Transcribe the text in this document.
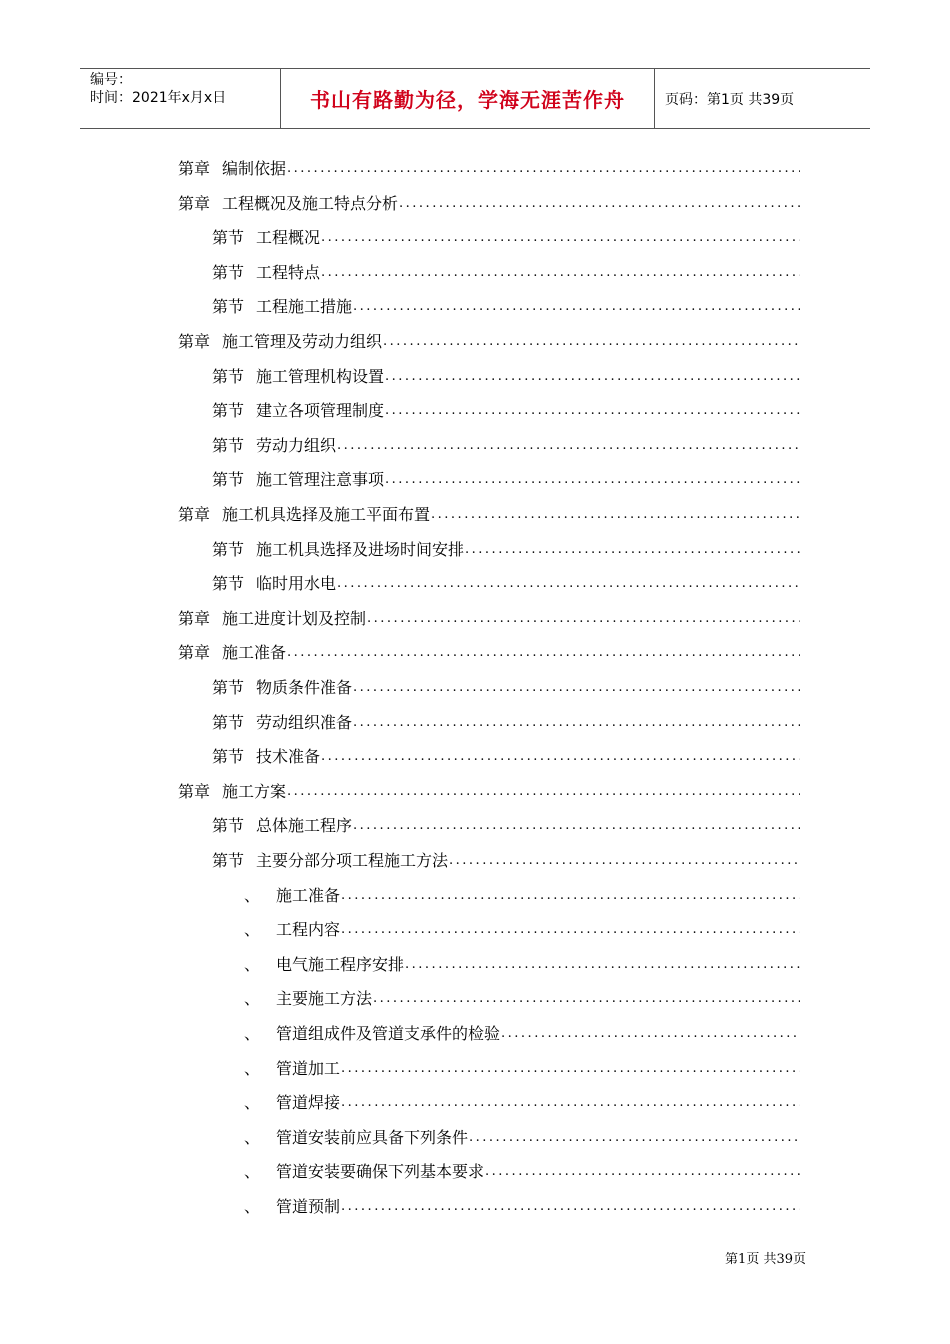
编号：
时间：2021年x月x日	书山有路勤为径，学海无涯苦作舟	页码：第1页 共39页
第章 编制依据
.....
第章 工程概况及施工特点分析
.....
第节 工程概况
.....
第节 工程特点
.....
第节 工程施工措施
.....
第章 施工管理及劳动力组织
.....
第节 施工管理机构设置
.....
第节 建立各项管理制度
.....
第节 劳动力组织
.....
第节 施工管理注意事项
.....
第章 施工机具选择及施工平面布置
.....
第节 施工机具选择及进场时间安排
.....
第节 临时用水电
.....
第章 施工进度计划及控制
.....
第章 施工准备
.....
第节 物质条件准备
.....
第节 劳动组织准备
.....
第节 技术准备
.....
第章 施工方案
.....
第节 总体施工程序
.....
第节 主要分部分项工程施工方法
.....
、 施工准备
.....
、 工程内容
.....
、 电气施工程序安排
.....
、 主要施工方法
.....
、 管道组成件及管道支承件的检验
.....
、 管道加工
.....
、 管道焊接
.....
、 管道安装前应具备下列条件
.....
、 管道安装要确保下列基本要求
.....
、 管道预制
.....
第1页 共39页
